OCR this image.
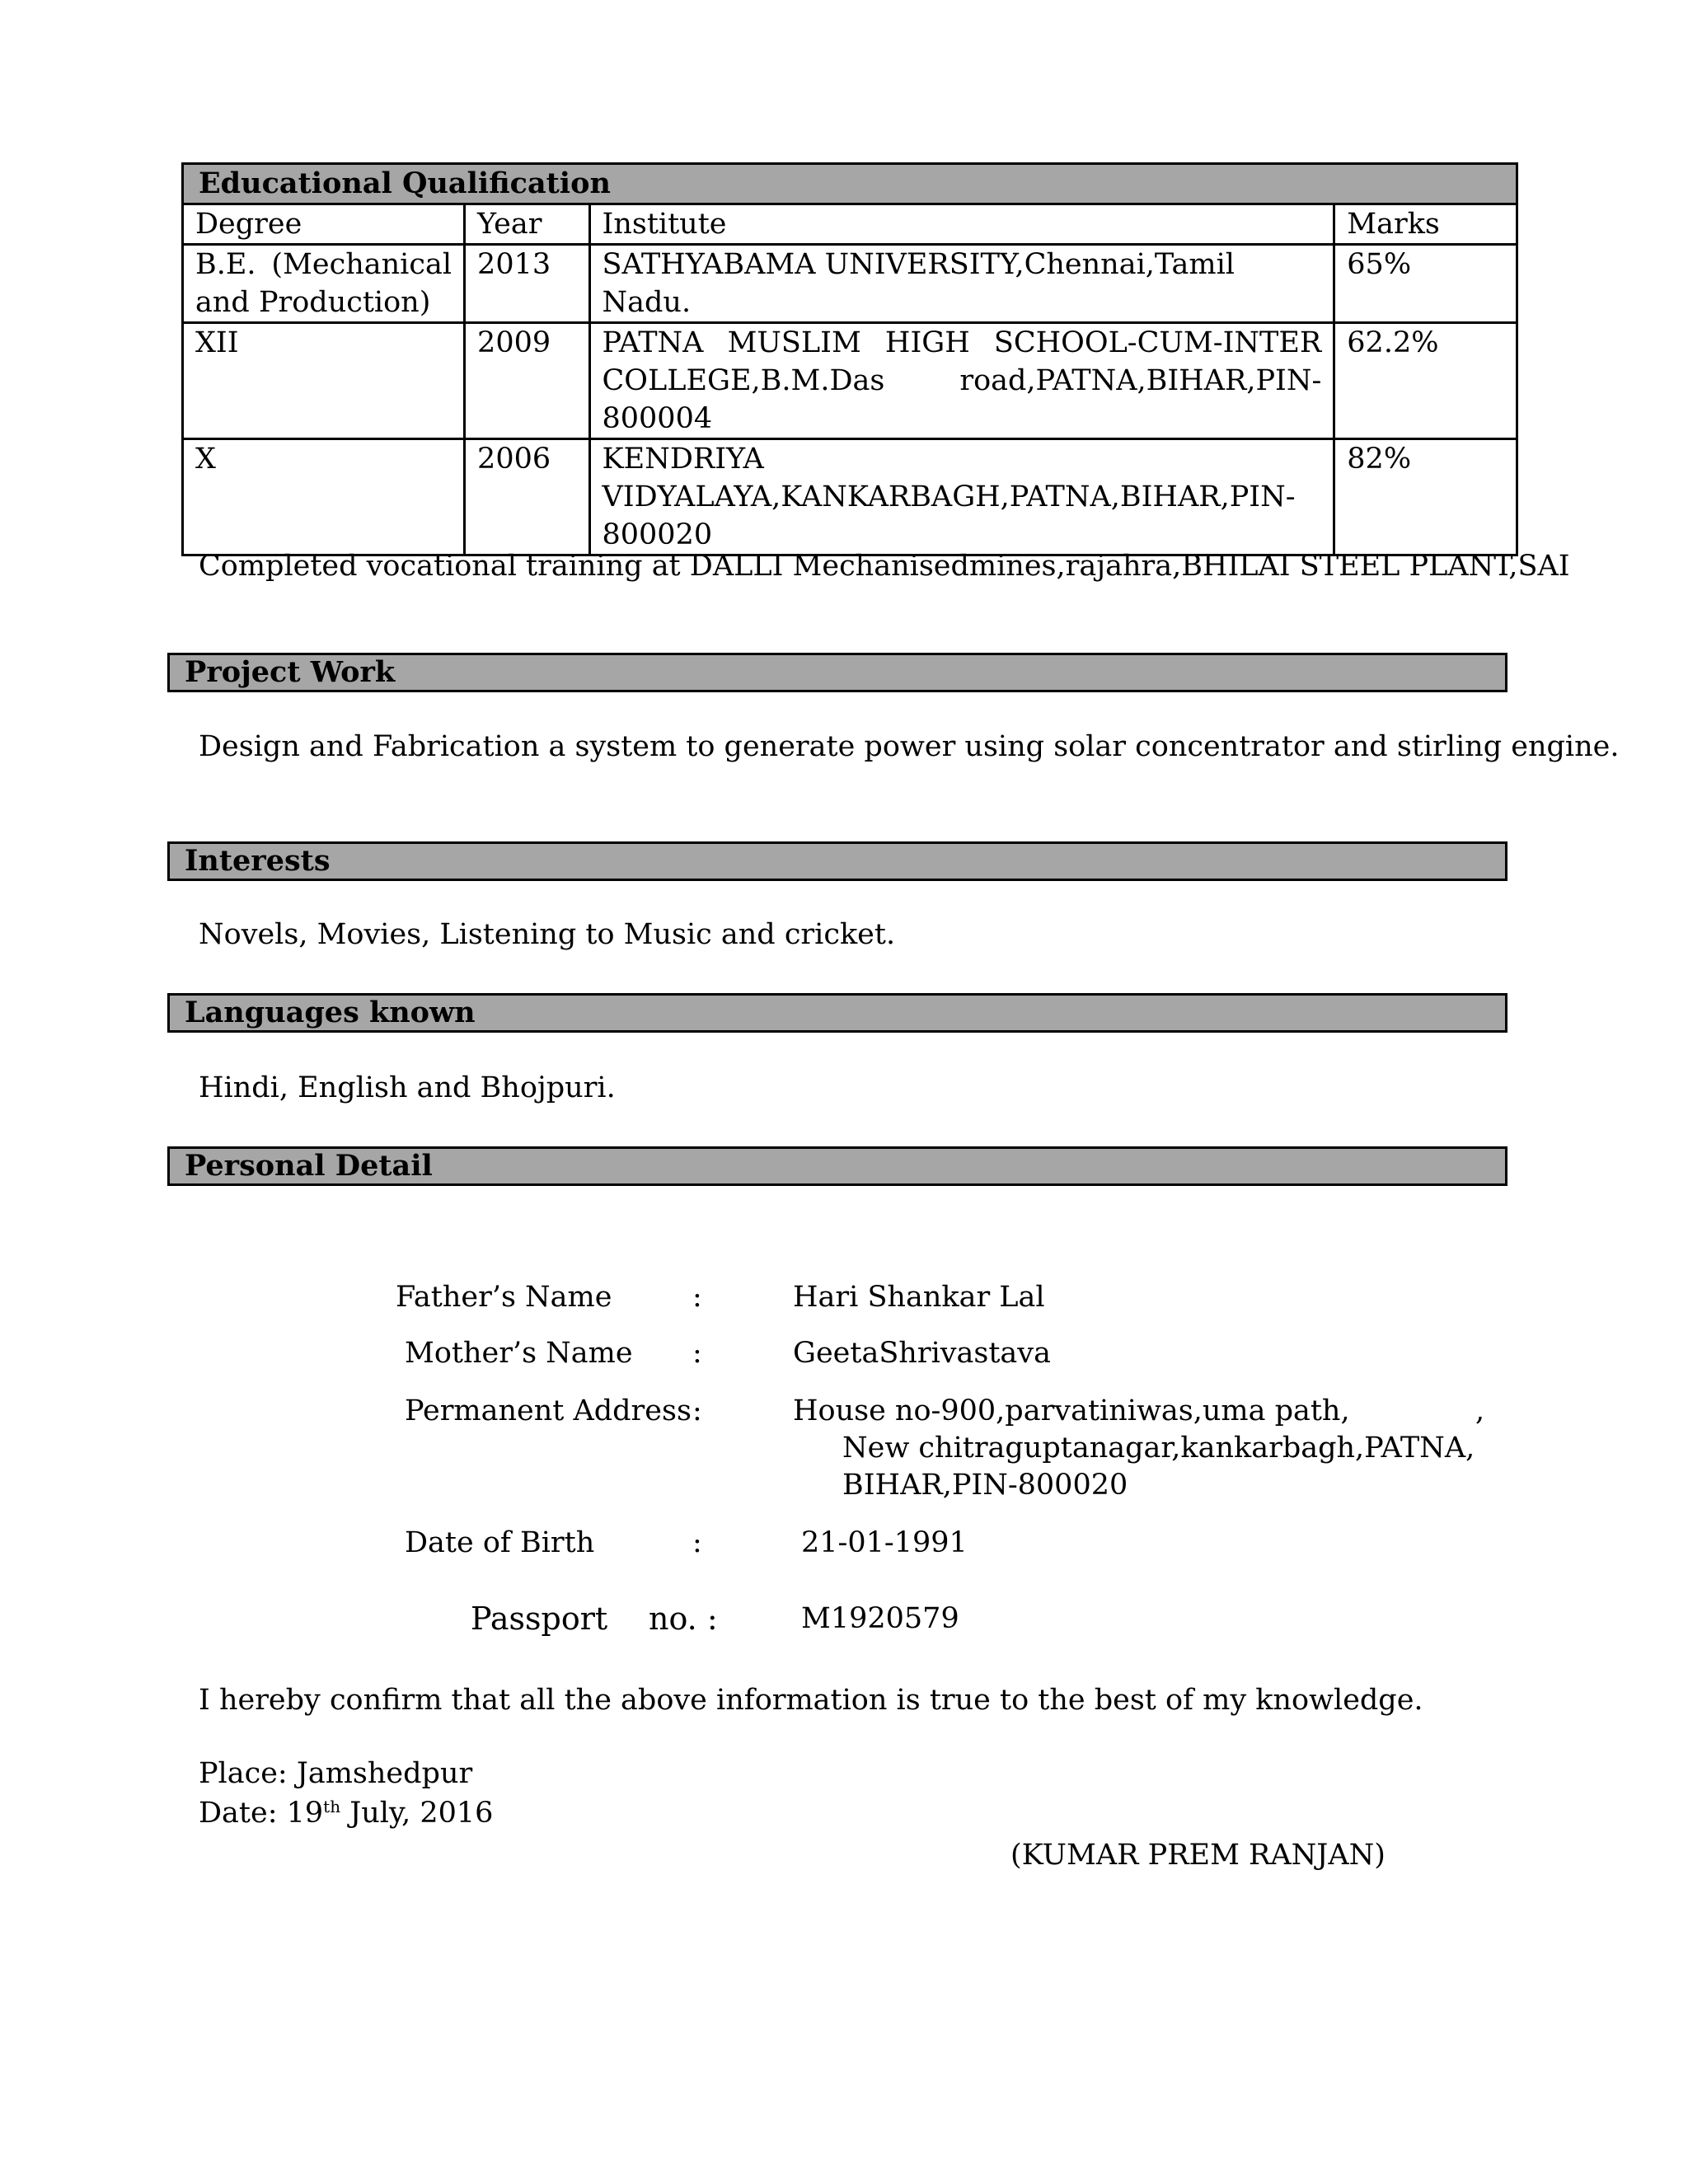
Educational Qualification			
Degree	Year	Institute	Marks
B.E. (Mechanical and Production)	2013	SATHYABAMA UNIVERSITY,Chennai,Tamil Nadu.	65%
XII	2009	PATNA MUSLIM HIGH SCHOOL-CUM-INTER COLLEGE,B.M.Das road,PATNA,BIHAR,PIN-800004	62.2%
X	2006	KENDRIYA VIDYALAYA,KANKARBAGH,PATNA,BIHAR,PIN-800020	82%
Completed vocational training at DALLI Mechanisedmines,rajahra,BHILAI STEEL PLANT,SAI
Project Work
Design and Fabrication a system to generate power using solar concentrator and stirling engine.
Interests
Novels, Movies, Listening to Music and cricket.
Languages known
Hindi, English and Bhojpuri.
Personal Detail
Father’s Name	:	Hari Shankar Lal
Mother’s Name :	GeetaShrivastava
Permanent Address :	House no-900,parvatiniwas,uma path,	,
New chitraguptanagar,kankarbagh,PATNA,
BIHAR,PIN-800020
Date of Birth	:	21-01-1991
Passport no. :	M1920579
I hereby confirm that all the above information is true to the best of my knowledge.
Place: Jamshedpur
Date: 19th July, 2016
(KUMAR PREM RANJAN)
